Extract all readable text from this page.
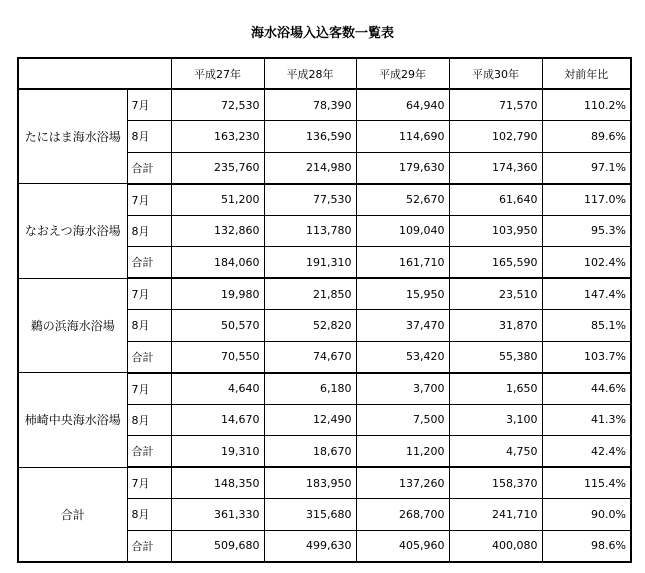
海水浴場入込客数一覧表
		平成27年	平成28年	平成29年	平成30年	対前年比
たにはま海水浴場	7月	72,530	78,390	64,940	71,570	110.2%
	8月	163,230	136,590	114,690	102,790	89.6%
	合計	235,760	214,980	179,630	174,360	97.1%
なおえつ海水浴場	7月	51,200	77,530	52,670	61,640	117.0%
	8月	132,860	113,780	109,040	103,950	95.3%
	合計	184,060	191,310	161,710	165,590	102.4%
鵜の浜海水浴場	7月	19,980	21,850	15,950	23,510	147.4%
	8月	50,570	52,820	37,470	31,870	85.1%
	合計	70,550	74,670	53,420	55,380	103.7%
柿崎中央海水浴場	7月	4,640	6,180	3,700	1,650	44.6%
	8月	14,670	12,490	7,500	3,100	41.3%
	合計	19,310	18,670	11,200	4,750	42.4%
合計	7月	148,350	183,950	137,260	158,370	115.4%
	8月	361,330	315,680	268,700	241,710	90.0%
	合計	509,680	499,630	405,960	400,080	98.6%
